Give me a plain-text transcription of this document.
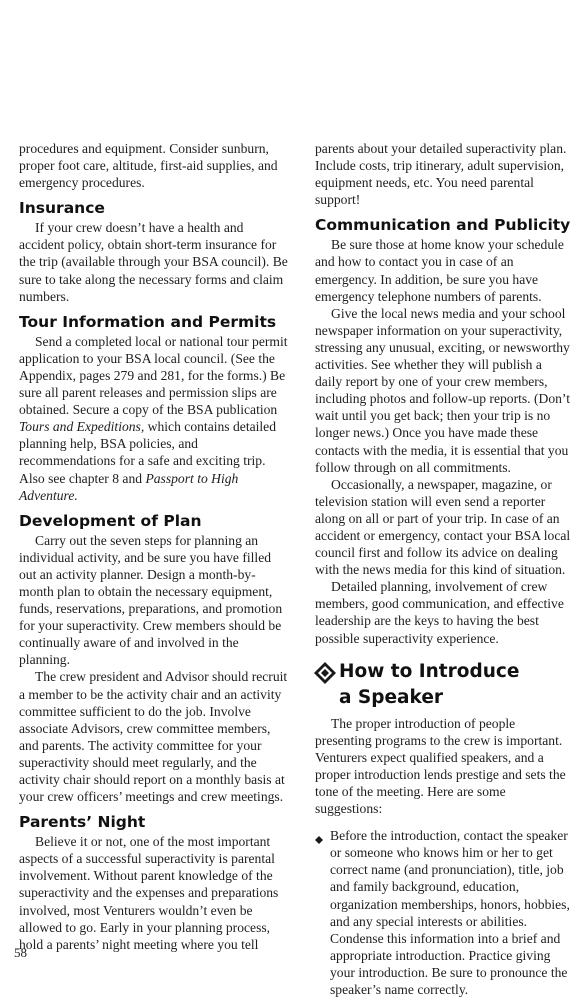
procedures and equipment. Consider sunburn, proper foot care, altitude, first-aid supplies, and emergency procedures.

Insurance

If your crew doesn’t have a health and accident policy, obtain short-term insurance for the trip (available through your BSA council). Be sure to take along the necessary forms and claim numbers.

Tour Information and Permits

Send a completed local or national tour permit application to your BSA local council. (See the Appendix, pages 279 and 281, for the forms.) Be sure all parent releases and permission slips are obtained. Secure a copy of the BSA publication Tours and Expeditions, which contains detailed planning help, BSA policies, and recommendations for a safe and exciting trip. Also see chapter 8 and Passport to High Adventure.

Development of Plan

Carry out the seven steps for planning an individual activity, and be sure you have filled out an activity planner. Design a month-by-month plan to obtain the necessary equipment, funds, reservations, preparations, and promotion for your superactivity. Crew members should be continually aware of and involved in the planning.

The crew president and Advisor should recruit a member to be the activity chair and an activity committee sufficient to do the job. Involve associate Advisors, crew committee members, and parents. The activity committee for your superactivity should meet regularly, and the activity chair should report on a monthly basis at your crew officers’ meetings and crew meetings.

Parents’ Night

Believe it or not, one of the most important aspects of a successful superactivity is parental involvement. Without parent knowledge of the superactivity and the expenses and preparations involved, most Venturers wouldn’t even be allowed to go. Early in your planning process, hold a parents’ night meeting where you tell

parents about your detailed superactivity plan. Include costs, trip itinerary, adult supervision, equipment needs, etc. You need parental support!

Communication and Publicity

Be sure those at home know your schedule and how to contact you in case of an emergency. In addition, be sure you have emergency telephone numbers of parents.

Give the local news media and your school newspaper information on your superactivity, stressing any unusual, exciting, or newsworthy activities. See whether they will publish a daily report by one of your crew members, including photos and follow-up reports. (Don’t wait until you get back; then your trip is no longer news.) Once you have made these contacts with the media, it is essential that you follow through on all commitments.

Occasionally, a newspaper, magazine, or television station will even send a reporter along on all or part of your trip. In case of an accident or emergency, contact your BSA local council first and follow its advice on dealing with the news media for this kind of situation.

Detailed planning, involvement of crew members, good communication, and effective leadership are the keys to having the best possible superactivity experience.

How to Introduce
a Speaker

The proper introduction of people presenting programs to the crew is important. Venturers expect qualified speakers, and a proper introduction lends prestige and sets the tone of the meeting. Here are some suggestions:

Before the introduction, contact the speaker or someone who knows him or her to get correct name (and pronunciation), title, job and family background, education, organization memberships, honors, hobbies, and any special interests or abilities. Condense this information into a brief and appropriate introduction. Practice giving your introduction. Be sure to pronounce the speaker’s name correctly.

58
